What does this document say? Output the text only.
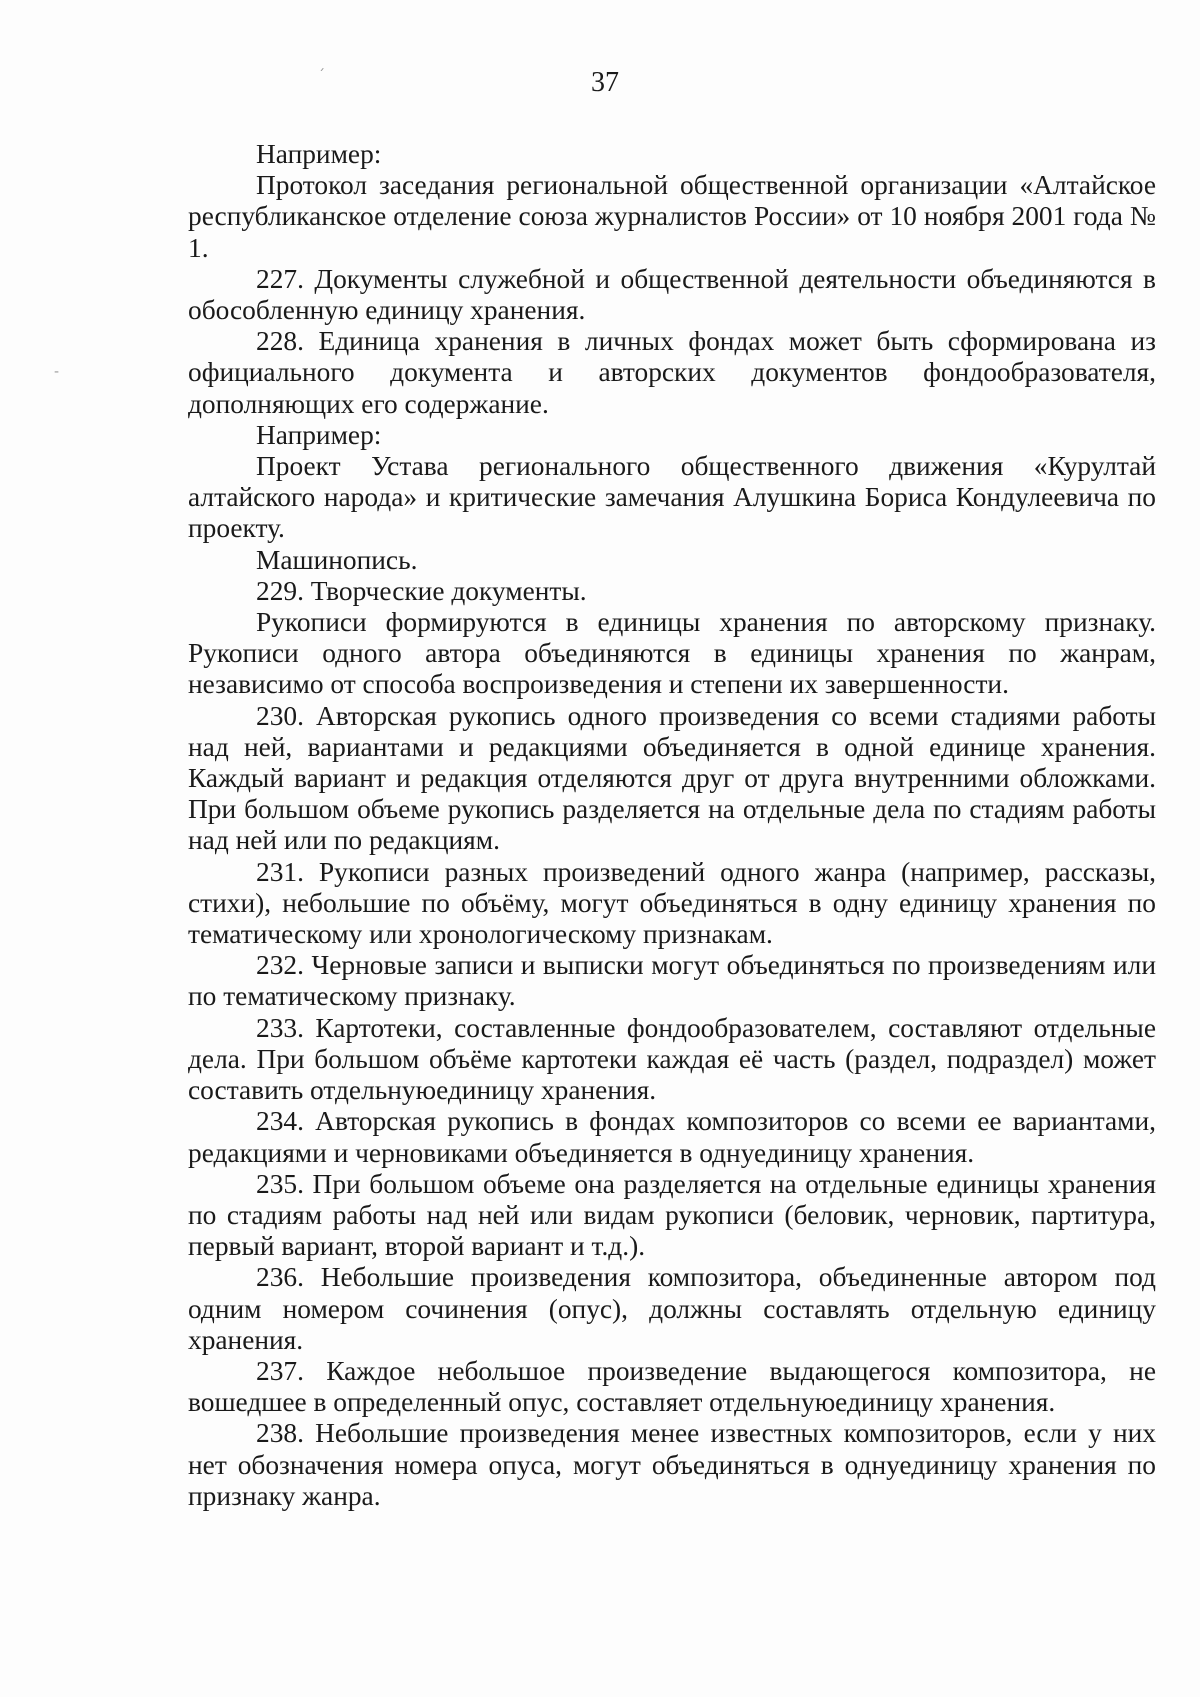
37
ˊ
-

Например:

Протокол заседания региональной общественной организации «Алтайское республиканское отделение союза журналистов России» от 10 ноября 2001 года № 1.

227. Документы служебной и общественной деятельности объединяются в обособленную единицу хранения.

228. Единица хранения в личных фондах может быть сформирована из официального документа и авторских документов фондообразователя, дополняющих его содержание.

Например:

Проект Устава регионального общественного движения «Курултай алтайского народа» и критические замечания Алушкина Бориса Кондулеевича по проекту.

Машинопись.

229. Творческие документы.

Рукописи формируются в единицы хранения по авторскому признаку. Рукописи одного автора объединяются в единицы хранения по жанрам, независимо от способа воспроизведения и степени их завершенности.

230. Авторская рукопись одного произведения со всеми стадиями работы над ней, вариантами и редакциями объединяется в одной единице хранения. Каждый вариант и редакция отделяются друг от друга внутренними обложками. При большом объеме рукопись разделяется на отдельные дела по стадиям работы над ней или по редакциям.

231. Рукописи разных произведений одного жанра (например, рассказы, стихи), небольшие по объёму, могут объединяться в одну единицу хранения по тематическому или хронологическому признакам.

232. Черновые записи и выписки могут объединяться по произведениям или по тематическому признаку.

233. Картотеки, составленные фондообразователем, составляют отдельные дела. При большом объёме картотеки каждая её часть (раздел, подраздел) может составить отдельнуюединицу хранения.

234. Авторская рукопись в фондах композиторов со всеми ее вариантами, редакциями и черновиками объединяется в однуединицу хранения.

235. При большом объеме она разделяется на отдельные единицы хранения по стадиям работы над ней или видам рукописи (беловик, черновик, партитура, первый вариант, второй вариант и т.д.).

236. Небольшие произведения композитора, объединенные автором под одним номером сочинения (опус), должны составлять отдельную единицу хранения.

237. Каждое небольшое произведение выдающегося композитора, не вошедшее в определенный опус, составляет отдельнуюединицу хранения.

238. Небольшие произведения менее известных композиторов, если у них нет обозначения номера опуса, могут объединяться в однуединицу хранения по признаку жанра.
